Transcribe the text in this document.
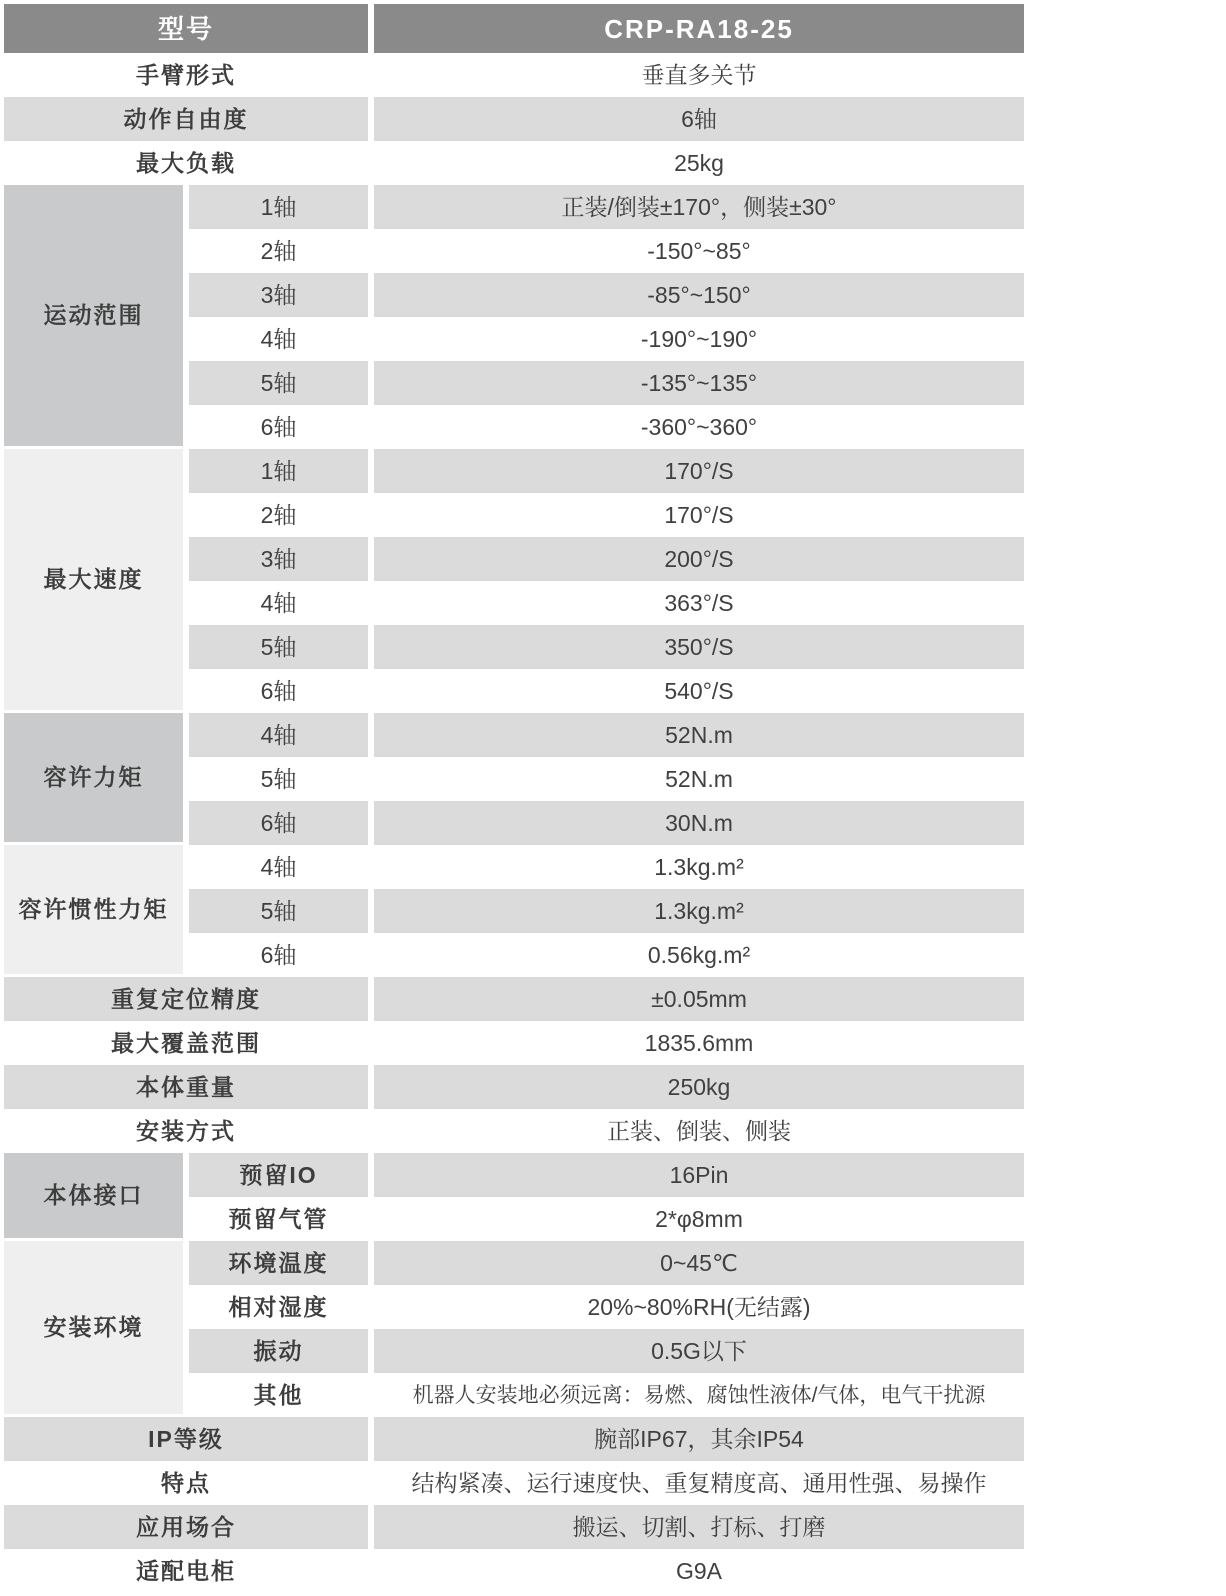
型号	CRP-RA18-25
手臂形式	垂直多关节
动作自由度	6轴
最大负载	25kg
运动范围
1轴	正装/倒装±170°，侧装±30°
2轴	-150°~85°
3轴	-85°~150°
4轴	-190°~190°
5轴	-135°~135°
6轴	-360°~360°
最大速度
1轴	170°/S
2轴	170°/S
3轴	200°/S
4轴	363°/S
5轴	350°/S
6轴	540°/S
容许力矩
4轴	52N.m
5轴	52N.m
6轴	30N.m
容许惯性力矩
4轴	1.3kg.m²
5轴	1.3kg.m²
6轴	0.56kg.m²
重复定位精度	±0.05mm
最大覆盖范围	1835.6mm
本体重量	250kg
安装方式	正装、倒装、侧装
本体接口
预留IO	16Pin
预留气管	2*φ8mm
安装环境
环境温度	0~45℃
相对湿度	20%~80%RH(无结露)
振动	0.5G以下
其他	机器人安装地必须远离：易燃、腐蚀性液体/气体，电气干扰源
IP等级	腕部IP67，其余IP54
特点	结构紧凑、运行速度快、重复精度高、通用性强、易操作
应用场合	搬运、切割、打标、打磨
适配电柜	G9A
